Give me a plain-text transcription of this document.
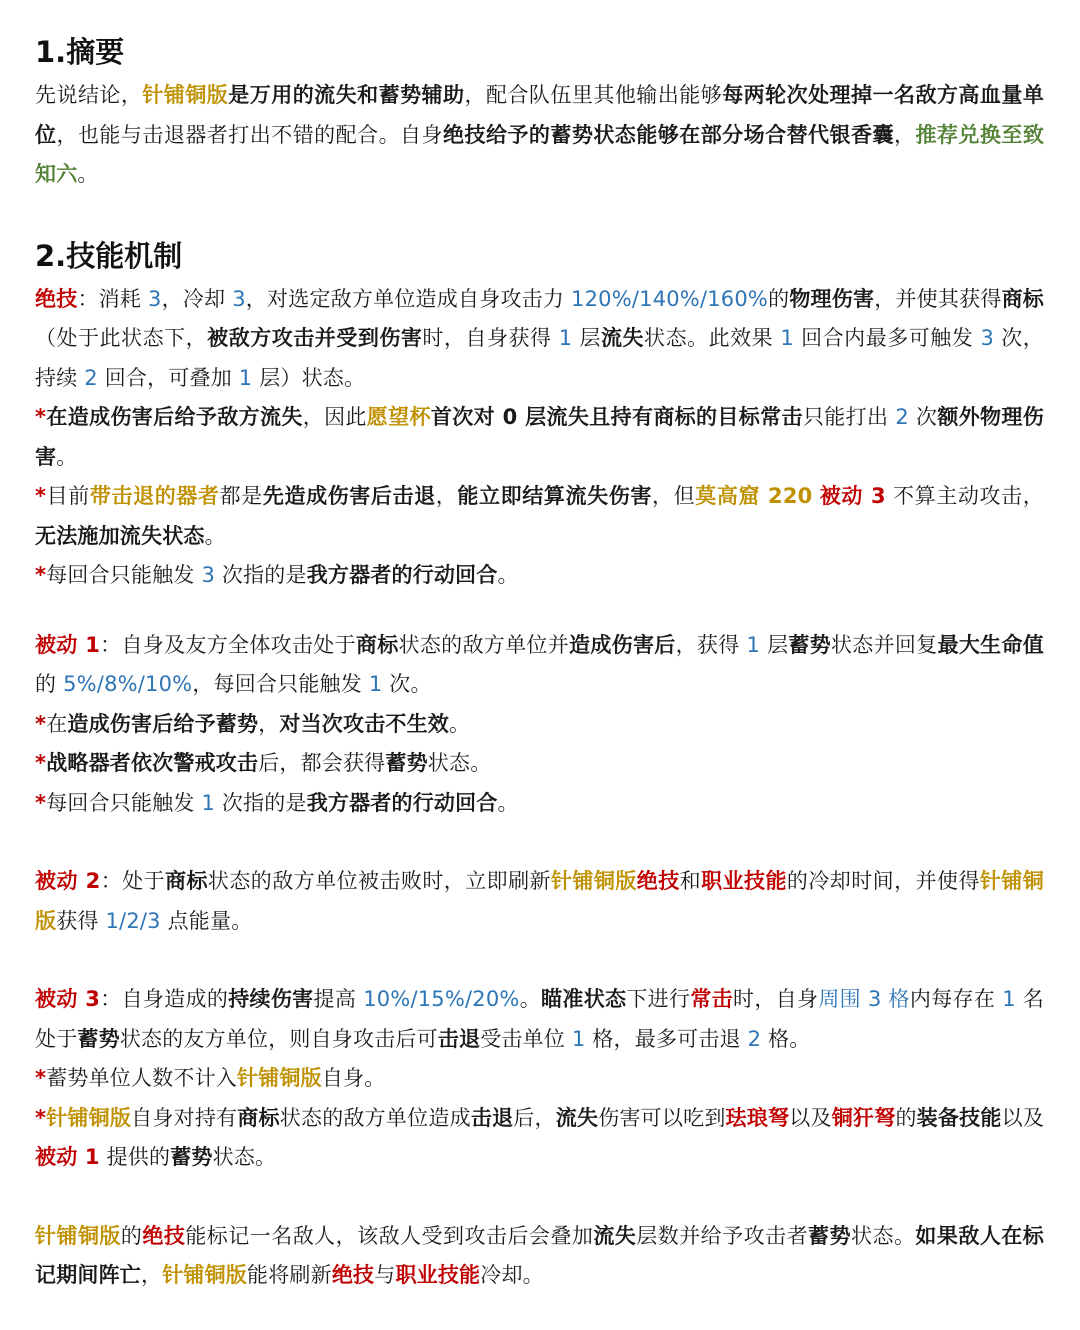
1.摘要
先说结论，针铺铜版是万用的流失和蓄势辅助，配合队伍里其他输出能够每两轮次处理掉一名敌方高血量单位，也能与击退器者打出不错的配合。自身绝技给予的蓄势状态能够在部分场合替代银香囊，推荐兑换至致知六。
2.技能机制
绝技：消耗 3，冷却 3，对选定敌方单位造成自身攻击力 120%/140%/160%的物理伤害，并使其获得商标（处于此状态下，被敌方攻击并受到伤害时，自身获得 1 层流失状态。此效果 1 回合内最多可触发 3 次，持续 2 回合，可叠加 1 层）状态。
*在造成伤害后给予敌方流失，因此愿望杯首次对 0 层流失且持有商标的目标常击只能打出 2 次额外物理伤害。
*目前带击退的器者都是先造成伤害后击退，能立即结算流失伤害，但莫高窟 220 被动 3 不算主动攻击，无法施加流失状态。
*每回合只能触发 3 次指的是我方器者的行动回合。
被动 1：自身及友方全体攻击处于商标状态的敌方单位并造成伤害后，获得 1 层蓄势状态并回复最大生命值的 5%/8%/10%，每回合只能触发 1 次。
*在造成伤害后给予蓄势，对当次攻击不生效。
*战略器者依次警戒攻击后，都会获得蓄势状态。
*每回合只能触发 1 次指的是我方器者的行动回合。
被动 2：处于商标状态的敌方单位被击败时，立即刷新针铺铜版绝技和职业技能的冷却时间，并使得针铺铜版获得 1/2/3 点能量。
被动 3：自身造成的持续伤害提高 10%/15%/20%。瞄准状态下进行常击时，自身周围 3 格内每存在 1 名处于蓄势状态的友方单位，则自身攻击后可击退受击单位 1 格，最多可击退 2 格。
*蓄势单位人数不计入针铺铜版自身。
*针铺铜版自身对持有商标状态的敌方单位造成击退后，流失伤害可以吃到珐琅弩以及铜犴弩的装备技能以及被动 1 提供的蓄势状态。
针铺铜版的绝技能标记一名敌人，该敌人受到攻击后会叠加流失层数并给予攻击者蓄势状态。如果敌人在标记期间阵亡，针铺铜版能将刷新绝技与职业技能冷却。
